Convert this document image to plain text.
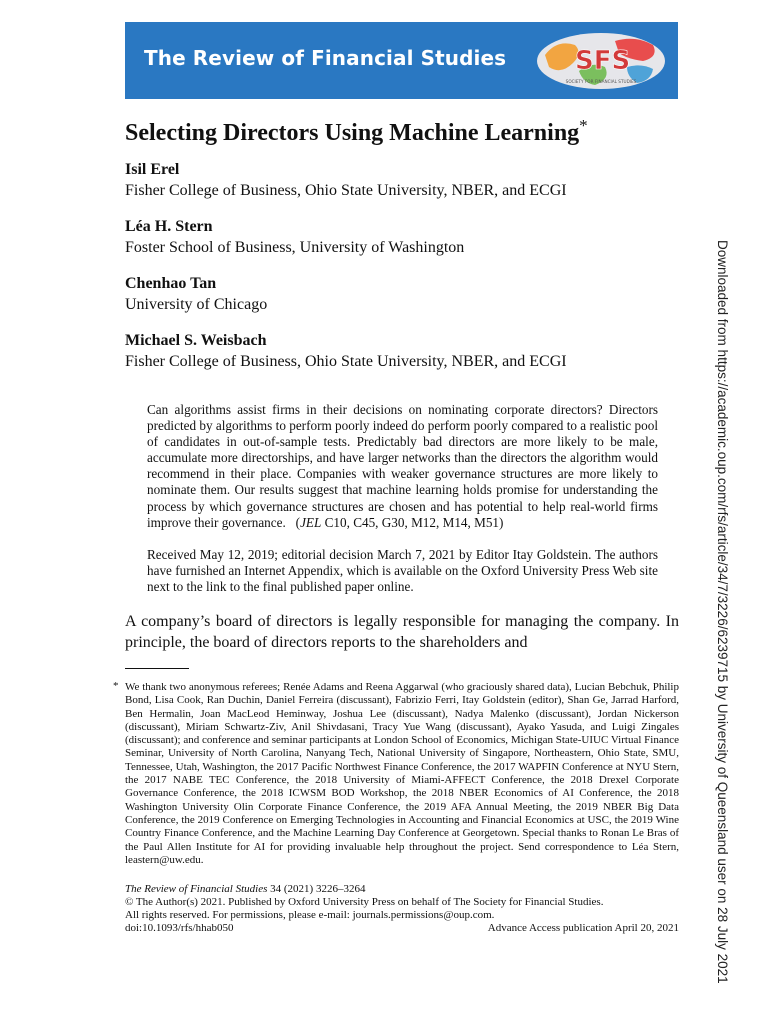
The Review of Financial Studies	SFS
SOCIETY FOR FINANCIAL STUDIES
Selecting Directors Using Machine Learning*
Isil Erel
Fisher College of Business, Ohio State University, NBER, and ECGI
Léa H. Stern
Foster School of Business, University of Washington
Chenhao Tan
University of Chicago
Michael S. Weisbach
Fisher College of Business, Ohio State University, NBER, and ECGI
Can algorithms assist firms in their decisions on nominating corporate directors? Directors predicted by algorithms to perform poorly indeed do perform poorly compared to a realistic pool of candidates in out-of-sample tests. Predictably bad directors are more likely to be male, accumulate more directorships, and have larger networks than the directors the algorithm would recommend in their place. Companies with weaker governance structures are more likely to nominate them. Our results suggest that machine learning holds promise for understanding the process by which governance structures are chosen and has potential to help real-world firms improve their governance.   (JEL C10, C45, G30, M12, M14, M51)
Received May 12, 2019; editorial decision March 7, 2021 by Editor Itay Goldstein. The authors have furnished an Internet Appendix, which is available on the Oxford University Press Web site next to the link to the final published paper online.
A company’s board of directors is legally responsible for managing the company. In principle, the board of directors reports to the shareholders and
* We thank two anonymous referees; Renée Adams and Reena Aggarwal (who graciously shared data), Lucian Bebchuk, Philip Bond, Lisa Cook, Ran Duchin, Daniel Ferreira (discussant), Fabrizio Ferri, Itay Goldstein (editor), Shan Ge, Jarrad Harford, Ben Hermalin, Joan MacLeod Heminway, Joshua Lee (discussant), Nadya Malenko (discussant), Jordan Nickerson (discussant), Miriam Schwartz-Ziv, Anil Shivdasani, Tracy Yue Wang (discussant), Ayako Yasuda, and Luigi Zingales (discussant); and conference and seminar participants at London School of Economics, Michigan State-UIUC Virtual Finance Seminar, University of North Carolina, Nanyang Tech, National University of Singapore, Northeastern, Ohio State, SMU, Tennessee, Utah, Washington, the 2017 Pacific Northwest Finance Conference, the 2017 WAPFIN Conference at NYU Stern, the 2017 NABE TEC Conference, the 2018 University of Miami-AFFECT Conference, the 2018 Drexel Corporate Governance Conference, the 2018 ICWSM BOD Workshop, the 2018 NBER Economics of AI Conference, the 2018 Washington University Olin Corporate Finance Conference, the 2019 AFA Annual Meeting, the 2019 NBER Big Data Conference, the 2019 Conference on Emerging Technologies in Accounting and Financial Economics at USC, the 2019 Wine Country Finance Conference, and the Machine Learning Day Conference at Georgetown. Special thanks to Ronan Le Bras of the Paul Allen Institute for AI for providing invaluable help throughout the project. Send correspondence to Léa Stern, leastern@uw.edu.
The Review of Financial Studies 34 (2021) 3226–3264
© The Author(s) 2021. Published by Oxford University Press on behalf of The Society for Financial Studies.
All rights reserved. For permissions, please e-mail: journals.permissions@oup.com.
doi:10.1093/rfs/hhab050	Advance Access publication April 20, 2021	Downloaded from https://academic.oup.com/rfs/article/34/7/3226/6239715 by University of Queensland user on 28 July 2021
